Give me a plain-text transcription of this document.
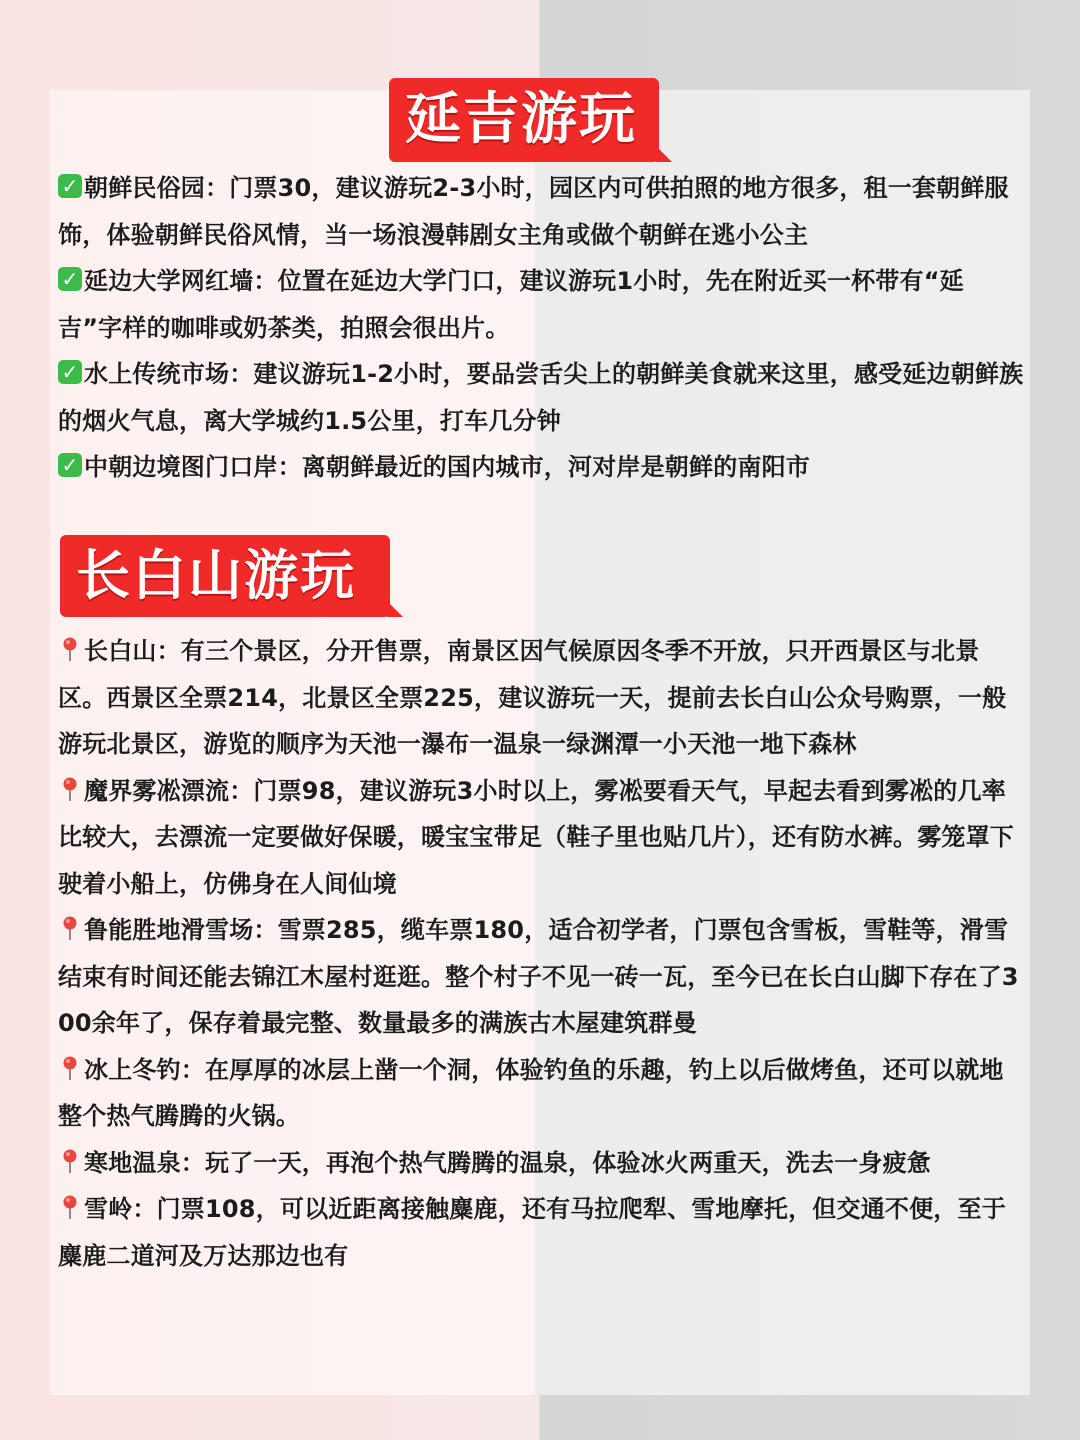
延吉游玩
✓ 朝鲜民俗园：门票30，建议游玩2-3小时，园区内可供拍照的地方很多，租一套朝鲜服饰，体验朝鲜民俗风情，当一场浪漫韩剧女主角或做个朝鲜在逃小公主
✓ 延边大学网红墙：位置在延边大学门口，建议游玩1小时，先在附近买一杯带有“延吉”字样的咖啡或奶茶类，拍照会很出片。
✓ 水上传统市场：建议游玩1-2小时，要品尝舌尖上的朝鲜美食就来这里，感受延边朝鲜族的烟火气息，离大学城约1.5公里，打车几分钟
✓ 中朝边境图门口岸：离朝鲜最近的国内城市，河对岸是朝鲜的南阳市
长白山游玩
长白山：有三个景区，分开售票，南景区因气候原因冬季不开放，只开西景区与北景区。西景区全票214，北景区全票225，建议游玩一天，提前去长白山公众号购票，一般游玩北景区，游览的顺序为天池一瀑布一温泉一绿渊潭一小天池一地下森林
魔界雾凇漂流：门票98，建议游玩3小时以上，雾凇要看天气，早起去看到雾凇的几率比较大，去漂流一定要做好保暖，暖宝宝带足（鞋子里也贴几片），还有防水裤。雾笼罩下驶着小船上，仿佛身在人间仙境
鲁能胜地滑雪场：雪票285，缆车票180，适合初学者，门票包含雪板，雪鞋等，滑雪结束有时间还能去锦江木屋村逛逛。整个村子不见一砖一瓦，至今已在长白山脚下存在了300余年了，保存着最完整、数量最多的满族古木屋建筑群曼
冰上冬钓：在厚厚的冰层上凿一个洞，体验钓鱼的乐趣，钓上以后做烤鱼，还可以就地整个热气腾腾的火锅。
寒地温泉：玩了一天，再泡个热气腾腾的温泉，体验冰火两重天，洗去一身疲惫
雪岭：门票108，可以近距离接触麋鹿，还有马拉爬犁、雪地摩托，但交通不便，至于麋鹿二道河及万达那边也有
